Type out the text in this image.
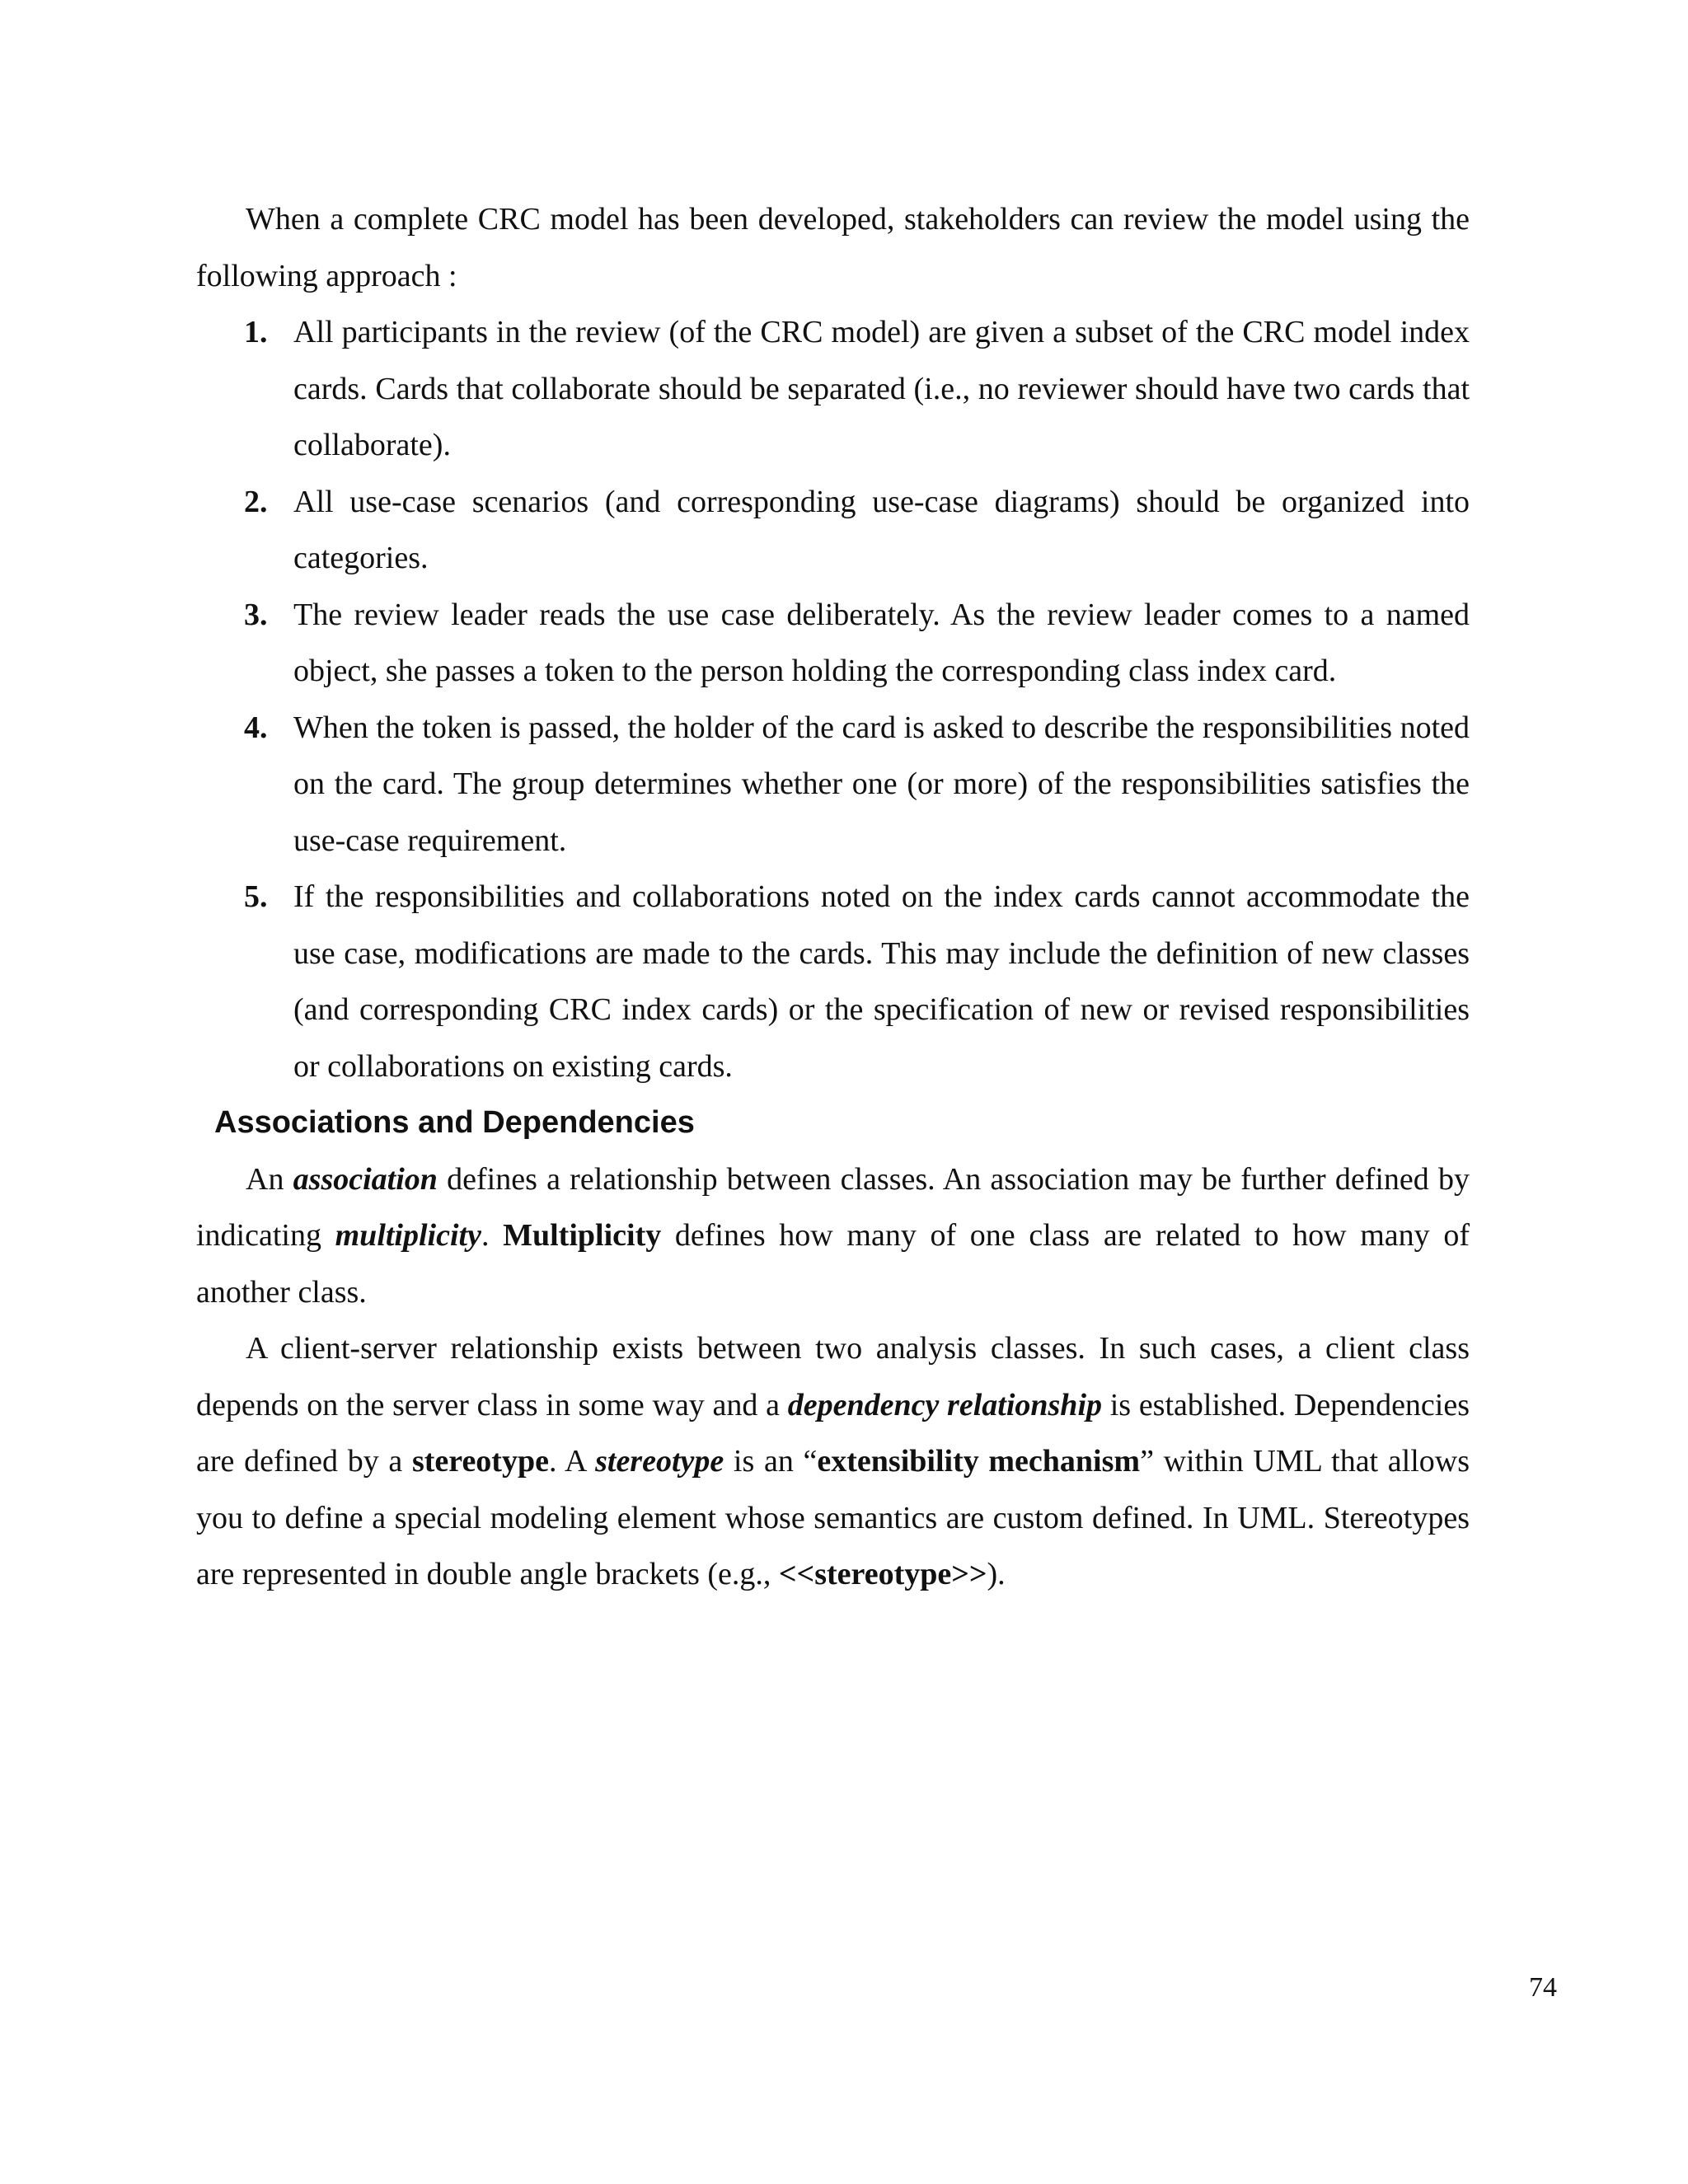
When a complete CRC model has been developed, stakeholders can review the model using the following approach :

1. All participants in the review (of the CRC model) are given a subset of the CRC model index cards. Cards that collaborate should be separated (i.e., no reviewer should have two cards that collaborate).
2. All use-case scenarios (and corresponding use-case diagrams) should be organized into categories.
3. The review leader reads the use case deliberately. As the review leader comes to a named object, she passes a token to the person holding the corresponding class index card.
4. When the token is passed, the holder of the card is asked to describe the responsibilities noted on the card. The group determines whether one (or more) of the responsibilities satisfies the use-case requirement.
5. If the responsibilities and collaborations noted on the index cards cannot accommodate the use case, modifications are made to the cards. This may include the definition of new classes (and corresponding CRC index cards) or the specification of new or revised responsibilities or collaborations on existing cards.
Associations and Dependencies

An association defines a relationship between classes. An association may be further defined by indicating multiplicity. Multiplicity defines how many of one class are related to how many of another class.

A client-server relationship exists between two analysis classes. In such cases, a client class depends on the server class in some way and a dependency relationship is established. Dependencies are defined by a stereotype. A stereotype is an “extensibility mechanism” within UML that allows you to define a special modeling element whose semantics are custom defined. In UML. Stereotypes are represented in double angle brackets (e.g., <<stereotype>>).

74
